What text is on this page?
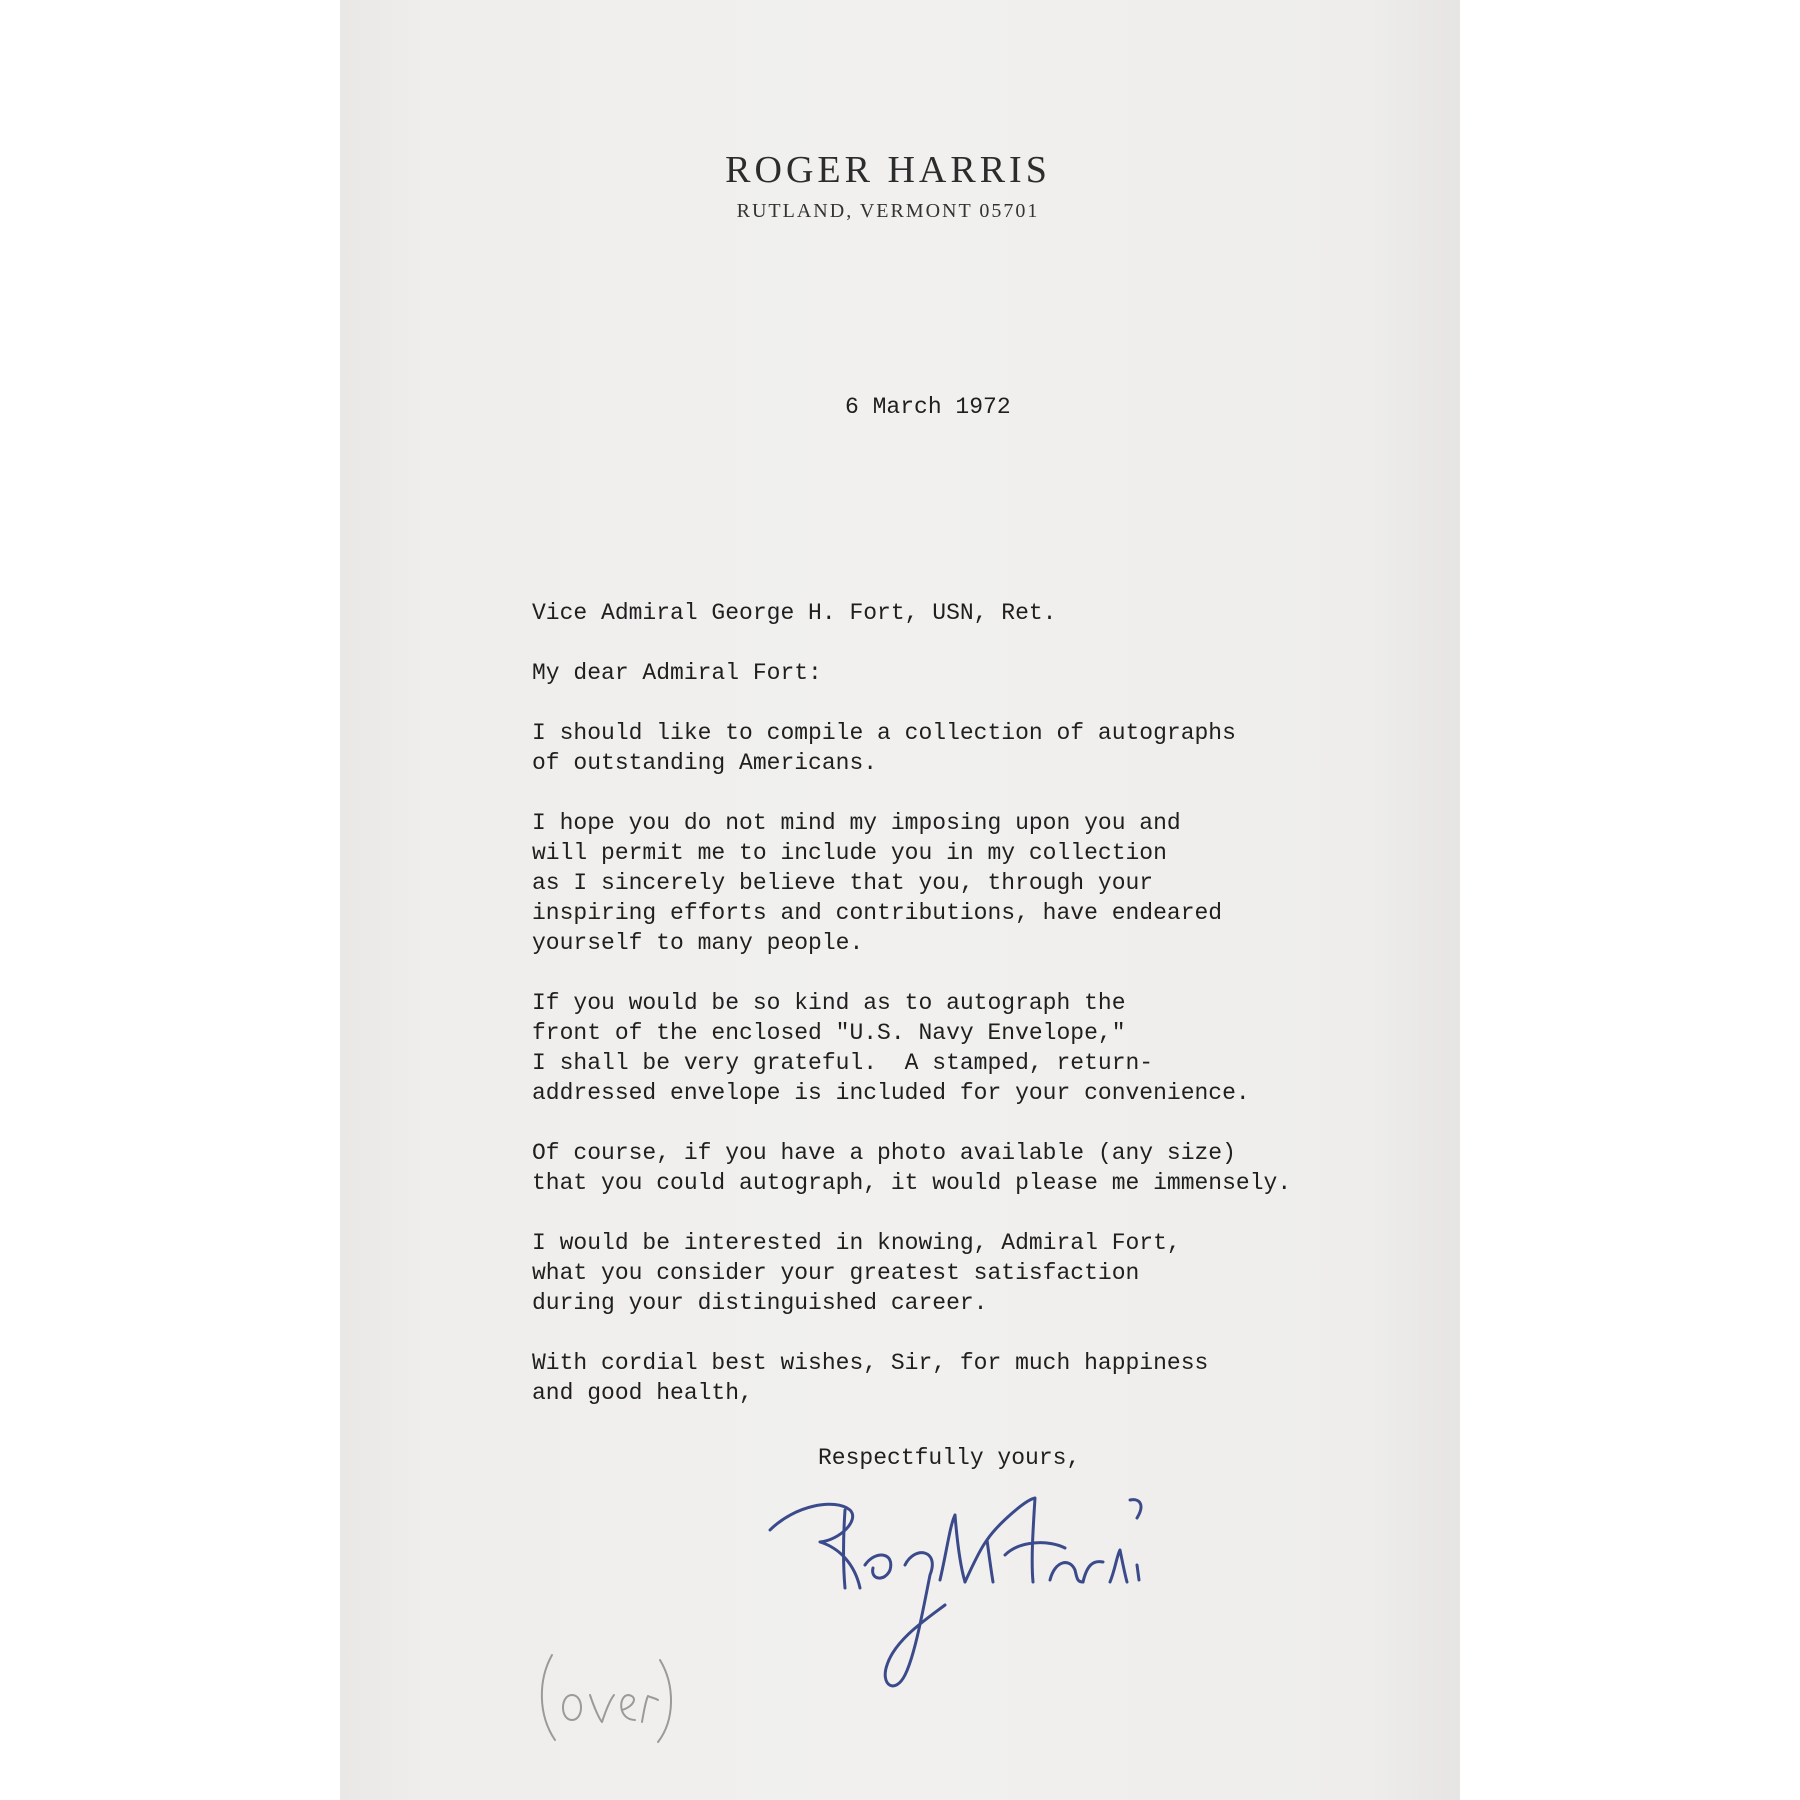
ROGER HARRIS
RUTLAND, VERMONT 05701
6 March 1972
Vice Admiral George H. Fort, USN, Ret.
My dear Admiral Fort:
I should like to compile a collection of autographs
of outstanding Americans.
I hope you do not mind my imposing upon you and
will permit me to include you in my collection
as I sincerely believe that you, through your
inspiring efforts and contributions, have endeared
yourself to many people.
If you would be so kind as to autograph the
front of the enclosed "U.S. Navy Envelope,"
I shall be very grateful.  A stamped, return-
addressed envelope is included for your convenience.
Of course, if you have a photo available (any size)
that you could autograph, it would please me immensely.
I would be interested in knowing, Admiral Fort,
what you consider your greatest satisfaction
during your distinguished career.
With cordial best wishes, Sir, for much happiness
and good health,
Respectfully yours,
